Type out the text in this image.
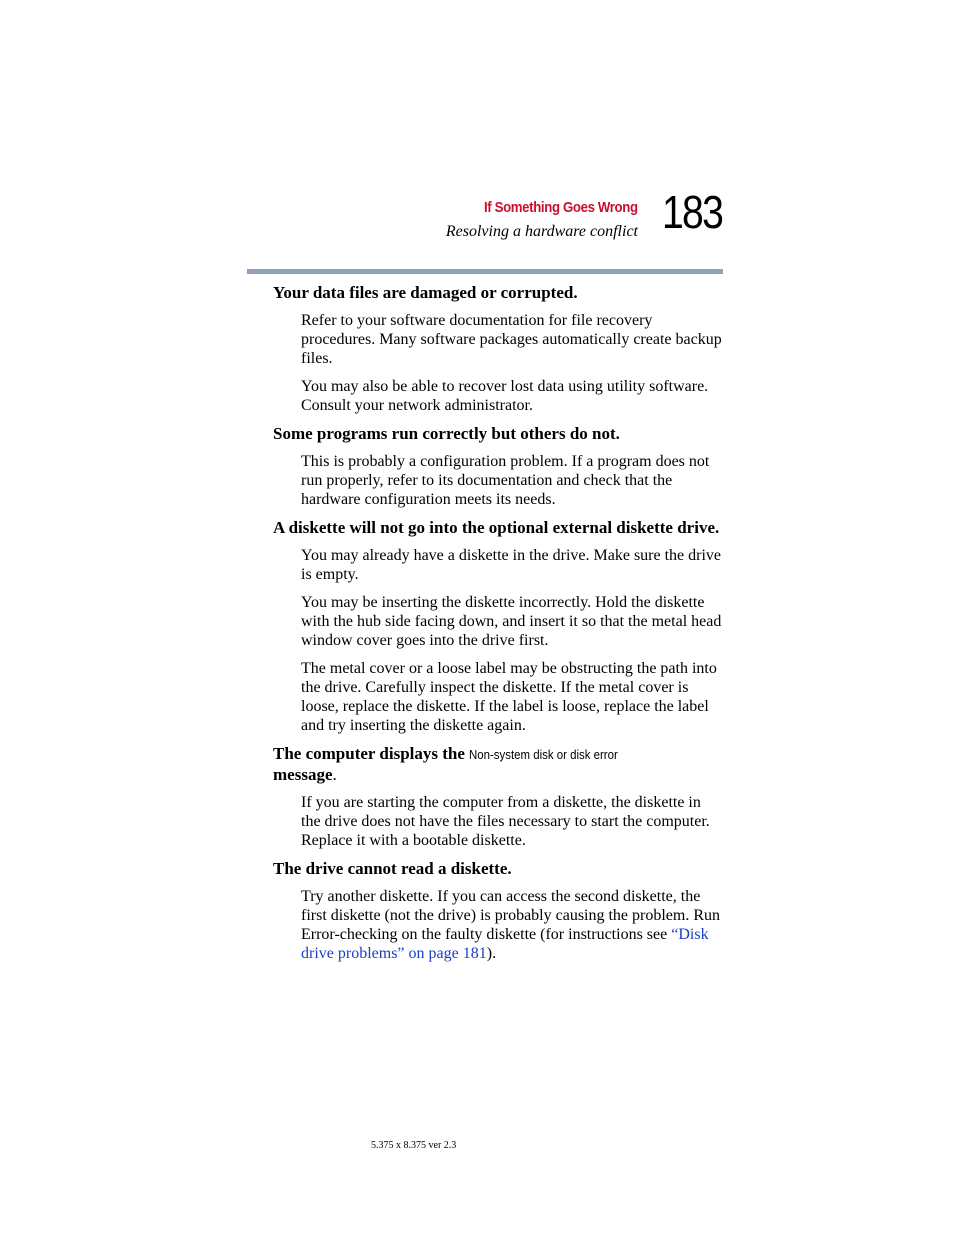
If Something Goes Wrong
Resolving a hardware conflict 183

Your data files are damaged or corrupted.

Refer to your software documentation for file recovery procedures. Many software packages automatically create backup files.

You may also be able to recover lost data using utility software. Consult your network administrator.

Some programs run correctly but others do not.

This is probably a configuration problem. If a program does not run properly, refer to its documentation and check that the hardware configuration meets its needs.

A diskette will not go into the optional external diskette drive.

You may already have a diskette in the drive. Make sure the drive is empty.

You may be inserting the diskette incorrectly. Hold the diskette with the hub side facing down, and insert it so that the metal head window cover goes into the drive first.

The metal cover or a loose label may be obstructing the path into the drive. Carefully inspect the diskette. If the metal cover is loose, replace the diskette. If the label is loose, replace the label and try inserting the diskette again.

The computer displays the Non-system disk or disk error
message.

If you are starting the computer from a diskette, the diskette in the drive does not have the files necessary to start the computer. Replace it with a bootable diskette.

The drive cannot read a diskette.

Try another diskette. If you can access the second diskette, the first diskette (not the drive) is probably causing the problem. Run Error-checking on the faulty diskette (for instructions see “Disk drive problems” on page 181).

5.375 x 8.375 ver 2.3
